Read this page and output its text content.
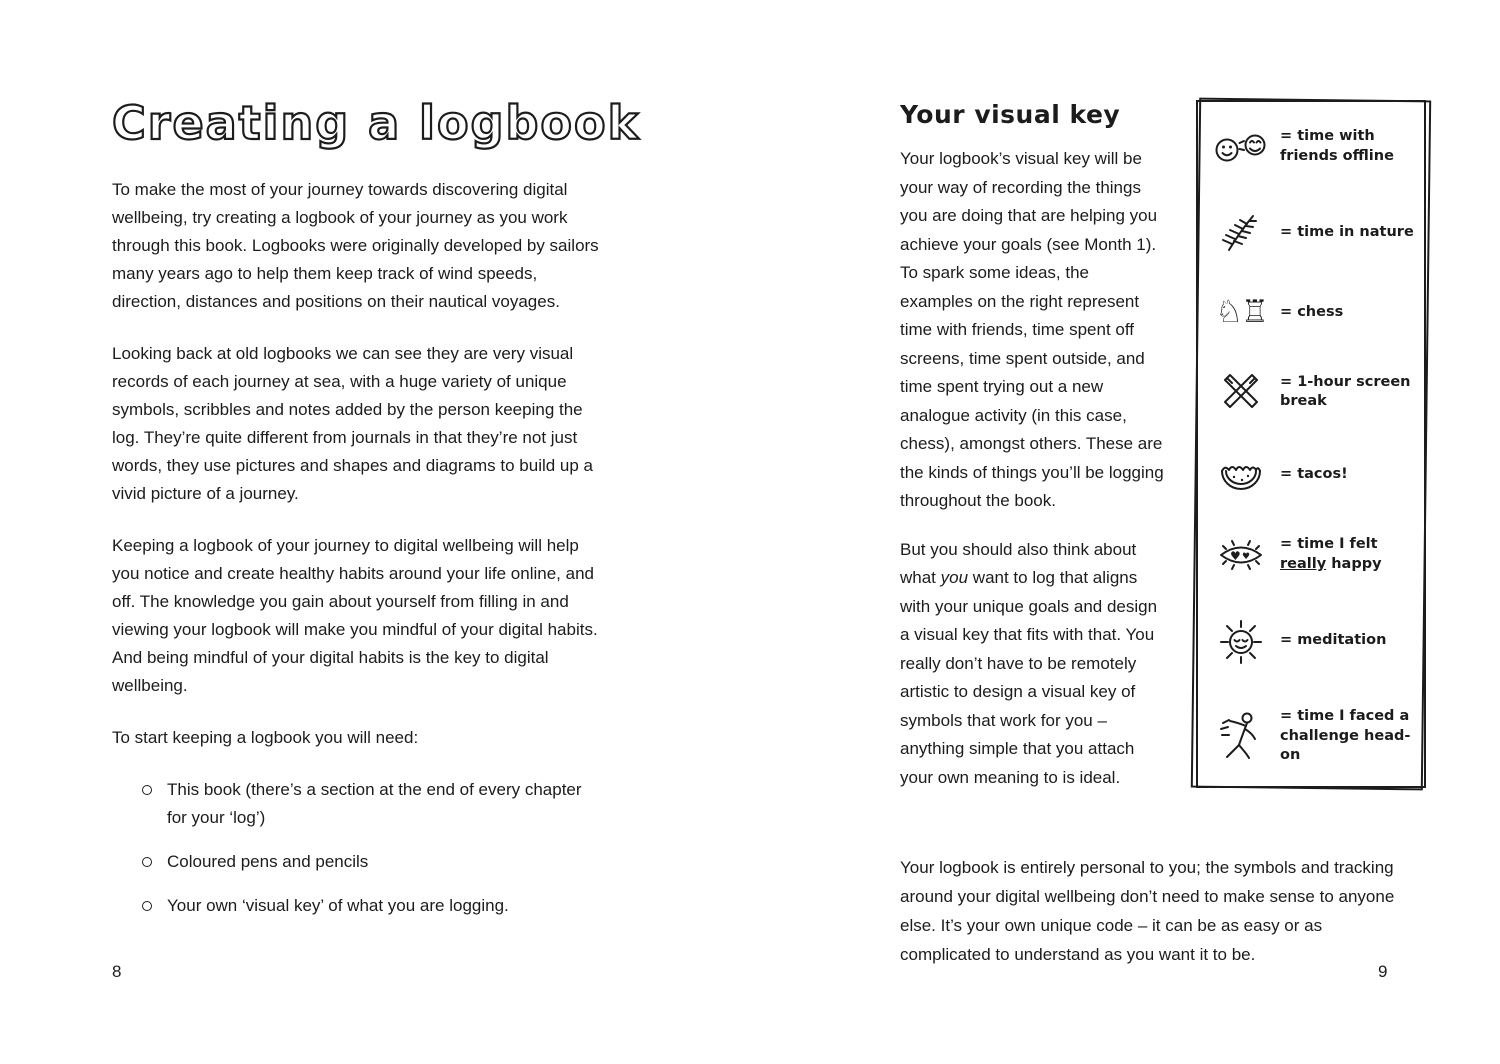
Creating a logbook

To make the most of your journey towards discovering digital wellbeing, try creating a logbook of your journey as you work through this book. Logbooks were originally developed by sailors many years ago to help them keep track of wind speeds, direction, distances and positions on their nautical voyages.

Looking back at old logbooks we can see they are very visual records of each journey at sea, with a huge variety of unique symbols, scribbles and notes added by the person keeping the log. They’re quite different from journals in that they’re not just words, they use pictures and shapes and diagrams to build up a vivid picture of a journey.

Keeping a logbook of your journey to digital wellbeing will help you notice and create healthy habits around your life online, and off. The knowledge you gain about yourself from filling in and viewing your logbook will make you mindful of your digital habits. And being mindful of your digital habits is the key to digital wellbeing.

To start keeping a logbook you will need:

This book (there’s a section at the end of every chapter for your ‘log’)
Coloured pens and pencils
Your own ‘visual key’ of what you are logging.
8
Your visual key

Your logbook’s visual key will be your way of recording the things you are doing that are helping you achieve your goals (see Month 1). To spark some ideas, the examples on the right represent time with friends, time spent off screens, time spent outside, and time spent trying out a new analogue activity (in this case, chess), amongst others. These are the kinds of things you’ll be logging throughout the book.

But you should also think about what you want to log that aligns with your unique goals and design a visual key that fits with that. You really don’t have to be remotely artistic to design a visual key of symbols that work for you – anything simple that you attach your own meaning to is ideal.

= time with friends offline
= time in nature
♘♖ = chess
= 1-hour screen break
= tacos!
♥ ♥
= time I felt really happy
= meditation
= time I faced a challenge head-on

Your logbook is entirely personal to you; the symbols and tracking around your digital wellbeing don’t need to make sense to anyone else. It’s your own unique code – it can be as easy or as complicated to understand as you want it to be.

9
